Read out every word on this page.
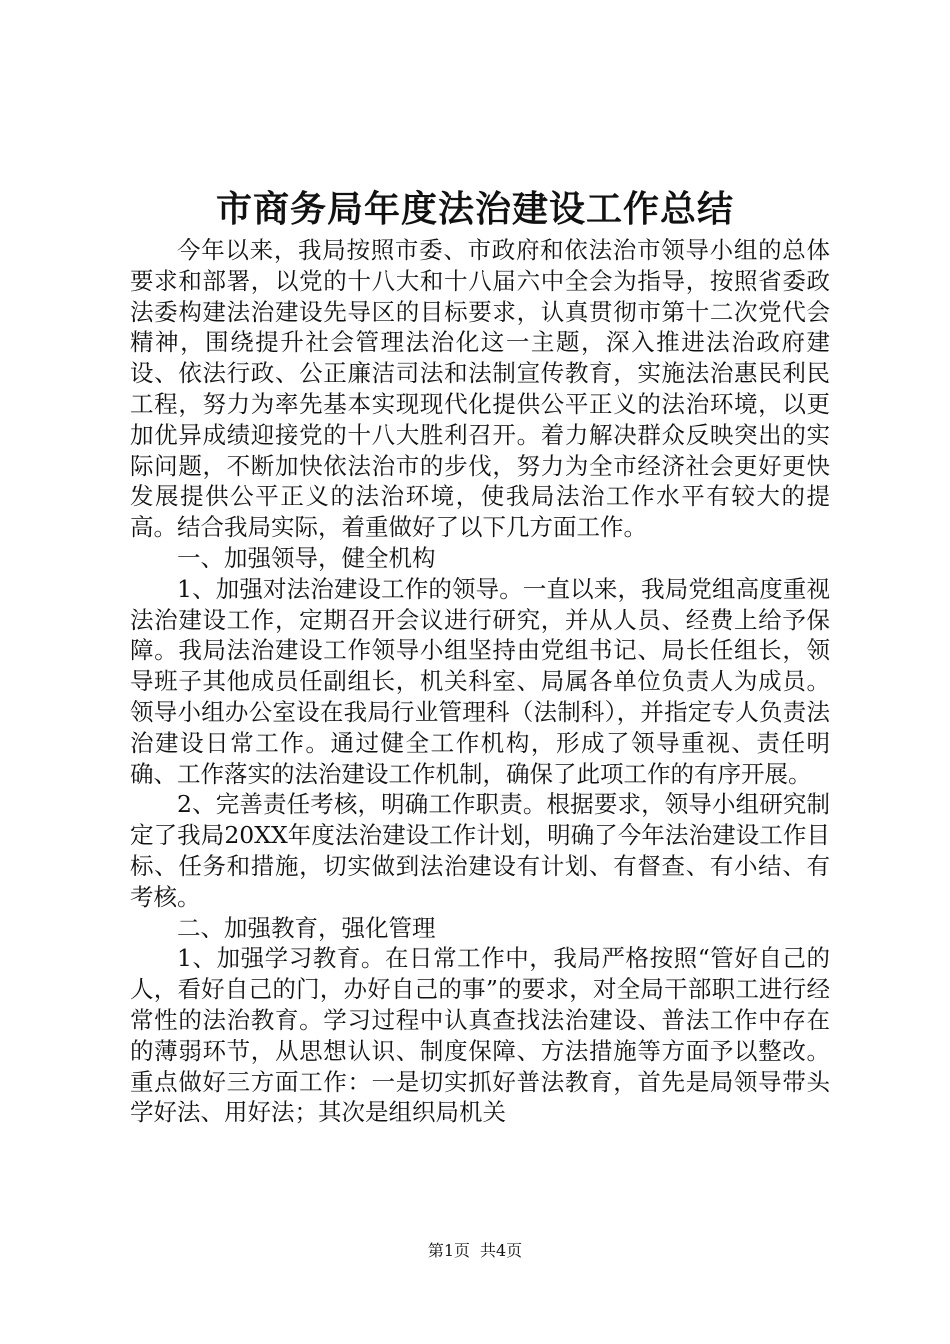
市商务局年度法治建设工作总结

今年以来，我局按照市委、市政府和依法治市领导小组的总体要求和部署，以党的十八大和十八届六中全会为指导，按照省委政法委构建法治建设先导区的目标要求，认真贯彻市第十二次党代会精神，围绕提升社会管理法治化这一主题，深入推进法治政府建设、依法行政、公正廉洁司法和法制宣传教育，实施法治惠民利民工程，努力为率先基本实现现代化提供公平正义的法治环境，以更加优异成绩迎接党的十八大胜利召开。着力解决群众反映突出的实际问题，不断加快依法治市的步伐，努力为全市经济社会更好更快发展提供公平正义的法治环境，使我局法治工作水平有较大的提高。结合我局实际，着重做好了以下几方面工作。

一、加强领导，健全机构

1、加强对法治建设工作的领导。一直以来，我局党组高度重视法治建设工作，定期召开会议进行研究，并从人员、经费上给予保障。我局法治建设工作领导小组坚持由党组书记、局长任组长，领导班子其他成员任副组长，机关科室、局属各单位负责人为成员。领导小组办公室设在我局行业管理科（法制科），并指定专人负责法治建设日常工作。通过健全工作机构，形成了领导重视、责任明确、工作落实的法治建设工作机制，确保了此项工作的有序开展。

2、完善责任考核，明确工作职责。根据要求，领导小组研究制定了我局20XX年度法治建设工作计划，明确了今年法治建设工作目标、任务和措施，切实做到法治建设有计划、有督查、有小结、有考核。

二、加强教育，强化管理

1、加强学习教育。在日常工作中，我局严格按照“管好自己的人，看好自己的门，办好自己的事”的要求，对全局干部职工进行经常性的法治教育。学习过程中认真查找法治建设、普法工作中存在的薄弱环节，从思想认识、制度保障、方法措施等方面予以整改。重点做好三方面工作：一是切实抓好普法教育，首先是局领导带头学好法、用好法；其次是组织局机关

第1页 共4页
